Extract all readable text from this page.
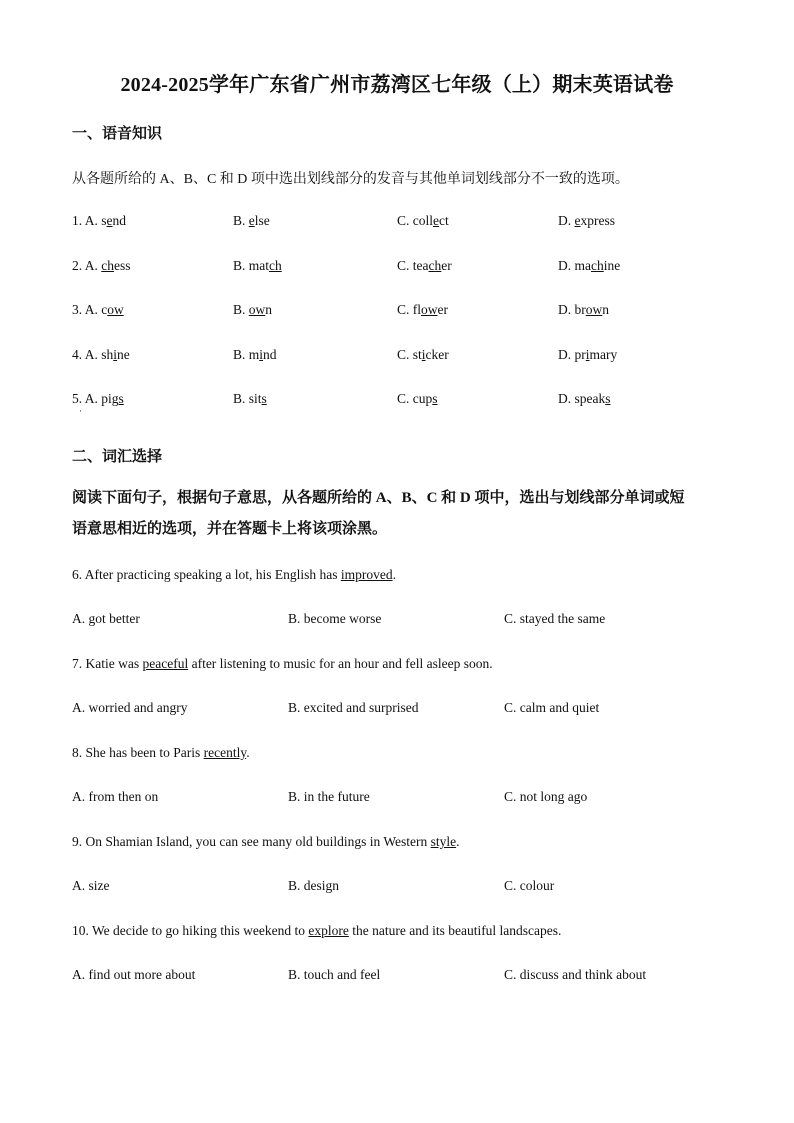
2024-2025学年广东省广州市荔湾区七年级（上）期末英语试卷
一、语音知识
从各题所给的 A、B、C 和 D 项中选出划线部分的发音与其他单词划线部分不一致的选项。
1. A. send	B. else	C. collect	D. express
2. A. chess	B. match	C. teacher	D. machine
3. A. cow	B. own	C. flower	D. brown
4. A. shine	B. mind	C. sticker	D. primary
5. A. pigs	B. sits	C. cups	D. speaks
·
二、词汇选择
阅读下面句子，根据句子意思，从各题所给的 A、B、C 和 D 项中，选出与划线部分单词或短
语意思相近的选项，并在答题卡上将该项涂黑。
6. After practicing speaking a lot, his English has improved.
A. got better	B. become worse	C. stayed the same
7. Katie was peaceful after listening to music for an hour and fell asleep soon.
A. worried and angry	B. excited and surprised	C. calm and quiet
8. She has been to Paris recently.
A. from then on	B. in the future	C. not long ago
9. On Shamian Island, you can see many old buildings in Western style.
A. size	B. design	C. colour
10. We decide to go hiking this weekend to explore the nature and its beautiful landscapes.
A. find out more about	B. touch and feel	C. discuss and think about
